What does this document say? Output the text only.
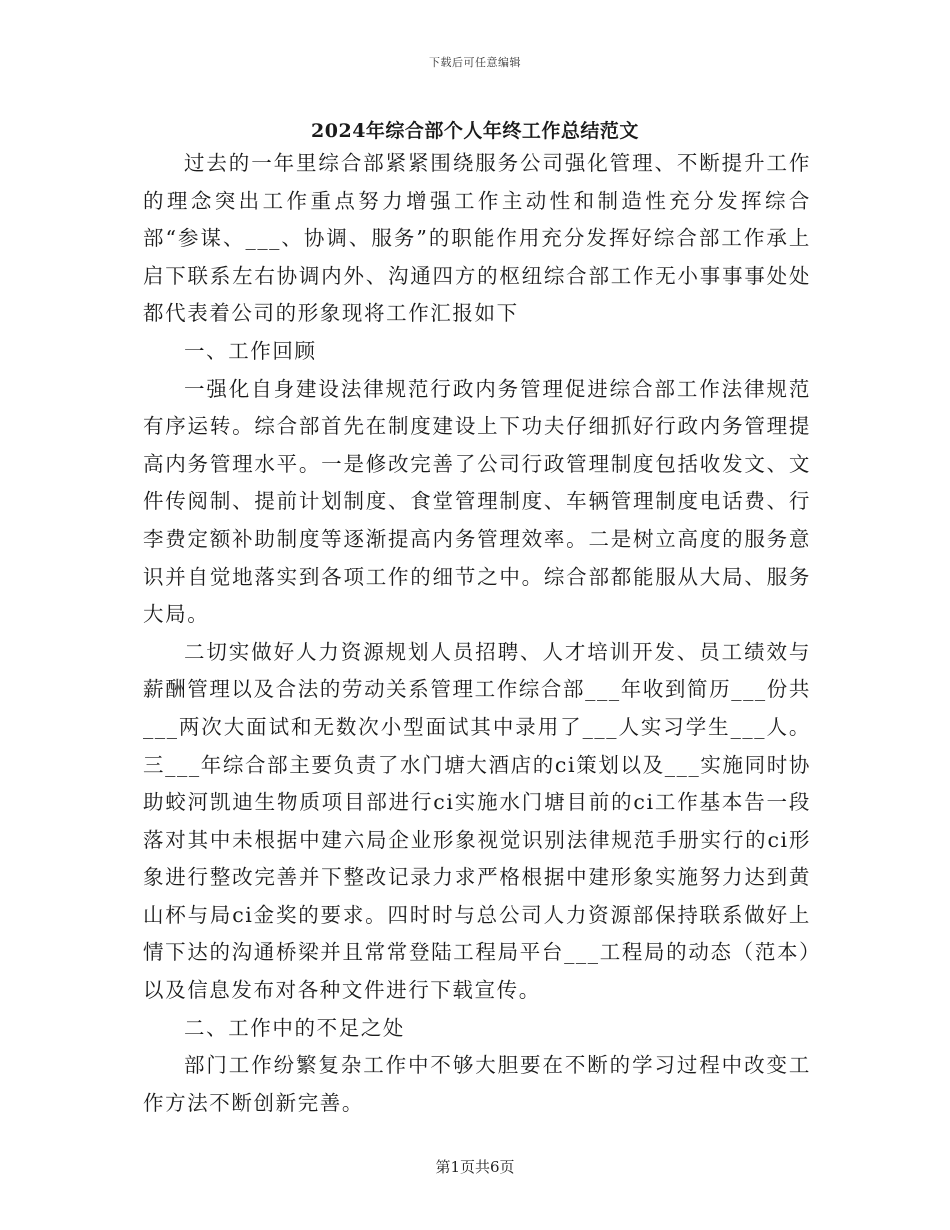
下载后可任意编辑
2024年综合部个人年终工作总结范文

过去的一年里综合部紧紧围绕服务公司强化管理、不断提升工作的理念突出工作重点努力增强工作主动性和制造性充分发挥综合部“参谋、___、协调、服务”的职能作用充分发挥好综合部工作承上启下联系左右协调内外、沟通四方的枢纽综合部工作无小事事事处处都代表着公司的形象现将工作汇报如下

一、工作回顾

一强化自身建设法律规范行政内务管理促进综合部工作法律规范有序运转。综合部首先在制度建设上下功夫仔细抓好行政内务管理提高内务管理水平。一是修改完善了公司行政管理制度包括收发文、文件传阅制、提前计划制度、食堂管理制度、车辆管理制度电话费、行李费定额补助制度等逐渐提高内务管理效率。二是树立高度的服务意识并自觉地落实到各项工作的细节之中。综合部都能服从大局、服务大局。

二切实做好人力资源规划人员招聘、人才培训开发、员工绩效与薪酬管理以及合法的劳动关系管理工作综合部___年收到简历___份共___两次大面试和无数次小型面试其中录用了___人实习学生___人。三___年综合部主要负责了水门塘大酒店的ci策划以及___实施同时协助蛟河凯迪生物质项目部进行ci实施水门塘目前的ci工作基本告一段落对其中未根据中建六局企业形象视觉识别法律规范手册实行的ci形象进行整改完善并下整改记录力求严格根据中建形象实施努力达到黄山杯与局ci金奖的要求。四时时与总公司人力资源部保持联系做好上情下达的沟通桥梁并且常常登陆工程局平台___工程局的动态（范本）以及信息发布对各种文件进行下载宣传。

二、工作中的不足之处

部门工作纷繁复杂工作中不够大胆要在不断的学习过程中改变工作方法不断创新完善。

第1页共6页
